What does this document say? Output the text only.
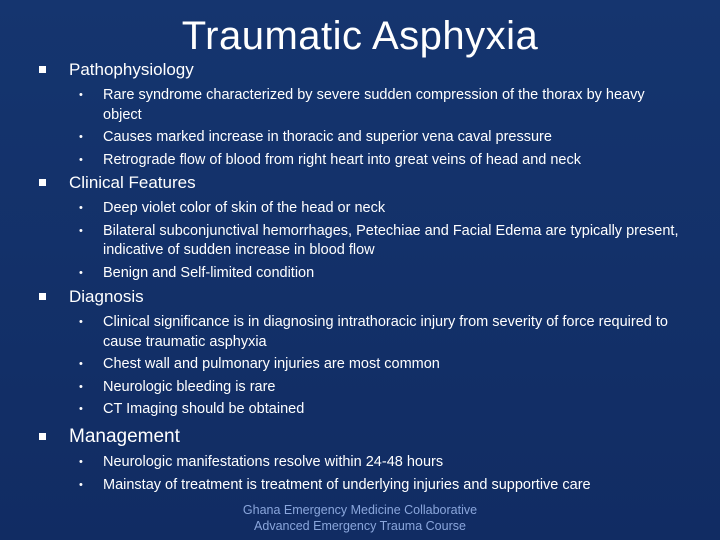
Traumatic Asphyxia
Pathophysiology
• Rare syndrome characterized by severe sudden compression of the thorax by heavy object
• Causes marked increase in thoracic and superior vena caval pressure
• Retrograde flow of blood from right heart into great veins of head and neck
Clinical Features
• Deep violet color of skin of the head or neck
• Bilateral subconjunctival hemorrhages, Petechiae and Facial Edema are typically present, indicative of sudden increase in blood flow
• Benign and Self-limited condition
Diagnosis
• Clinical significance is in diagnosing intrathoracic injury from severity of force required to cause traumatic asphyxia
• Chest wall and pulmonary injuries are most common
• Neurologic bleeding is rare
• CT Imaging should be obtained
Management
• Neurologic manifestations resolve within 24-48 hours
• Mainstay of treatment is treatment of underlying injuries and supportive care
Ghana Emergency Medicine Collaborative
Advanced Emergency Trauma Course
